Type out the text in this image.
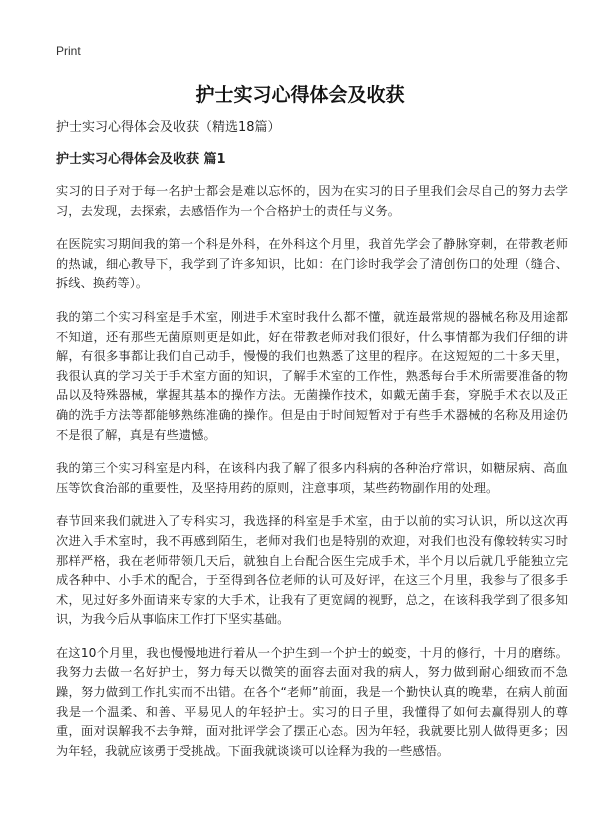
Print
护士实习心得体会及收获

护士实习心得体会及收获（精选18篇）

护士实习心得体会及收获 篇1

实习的日子对于每一名护士都会是难以忘怀的，因为在实习的日子里我们会尽自己的努力去学习，去发现，去探索，去感悟作为一个合格护士的责任与义务。

在医院实习期间我的第一个科是外科，在外科这个月里，我首先学会了静脉穿刺，在带教老师的热诚，细心教导下，我学到了许多知识，比如：在门诊时我学会了清创伤口的处理（缝合、拆线、换药等）。

我的第二个实习科室是手术室，刚进手术室时我什么都不懂，就连最常规的器械名称及用途都不知道，还有那些无菌原则更是如此，好在带教老师对我们很好，什么事情都为我们仔细的讲解，有很多事都让我们自己动手，慢慢的我们也熟悉了这里的程序。在这短短的二十多天里，我很认真的学习关于手术室方面的知识，了解手术室的工作性，熟悉每台手术所需要准备的物品以及特殊器械，掌握其基本的操作方法。无菌操作技术，如戴无菌手套，穿脱手术衣以及正确的洗手方法等都能够熟练准确的操作。但是由于时间短暂对于有些手术器械的名称及用途仍不是很了解，真是有些遗憾。

我的第三个实习科室是内科，在该科内我了解了很多内科病的各种治疗常识，如糖尿病、高血压等饮食治部的重要性，及坚持用药的原则，注意事项，某些药物副作用的处理。

春节回来我们就进入了专科实习，我选择的科室是手术室，由于以前的实习认识，所以这次再次进入手术室时，我不再感到陌生，老师对我们也是特别的欢迎，对我们也没有像较转实习时那样严格，我在老师带领几天后，就独自上台配合医生完成手术，半个月以后就几乎能独立完成各种中、小手术的配合，于至得到各位老师的认可及好评，在这三个月里，我参与了很多手术，见过好多外面请来专家的大手术，让我有了更宽阔的视野，总之，在该科我学到了很多知识，为我今后从事临床工作打下坚实基础。

在这10个月里，我也慢慢地进行着从一个护生到一个护士的蜕变，十月的修行，十月的磨练。我努力去做一名好护士，努力每天以微笑的面容去面对我的病人，努力做到耐心细致而不急躁，努力做到工作扎实而不出错。在各个“老师”前面，我是一个勤快认真的晚辈，在病人前面我是一个温柔、和善、平易见人的年轻护士。实习的日子里，我懂得了如何去赢得别人的尊重，面对误解我不去争辩，面对批评学会了摆正心态。因为年轻，我就要比别人做得更多；因为年轻，我就应该勇于受挑战。下面我就谈谈可以诠释为我的一些感悟。
